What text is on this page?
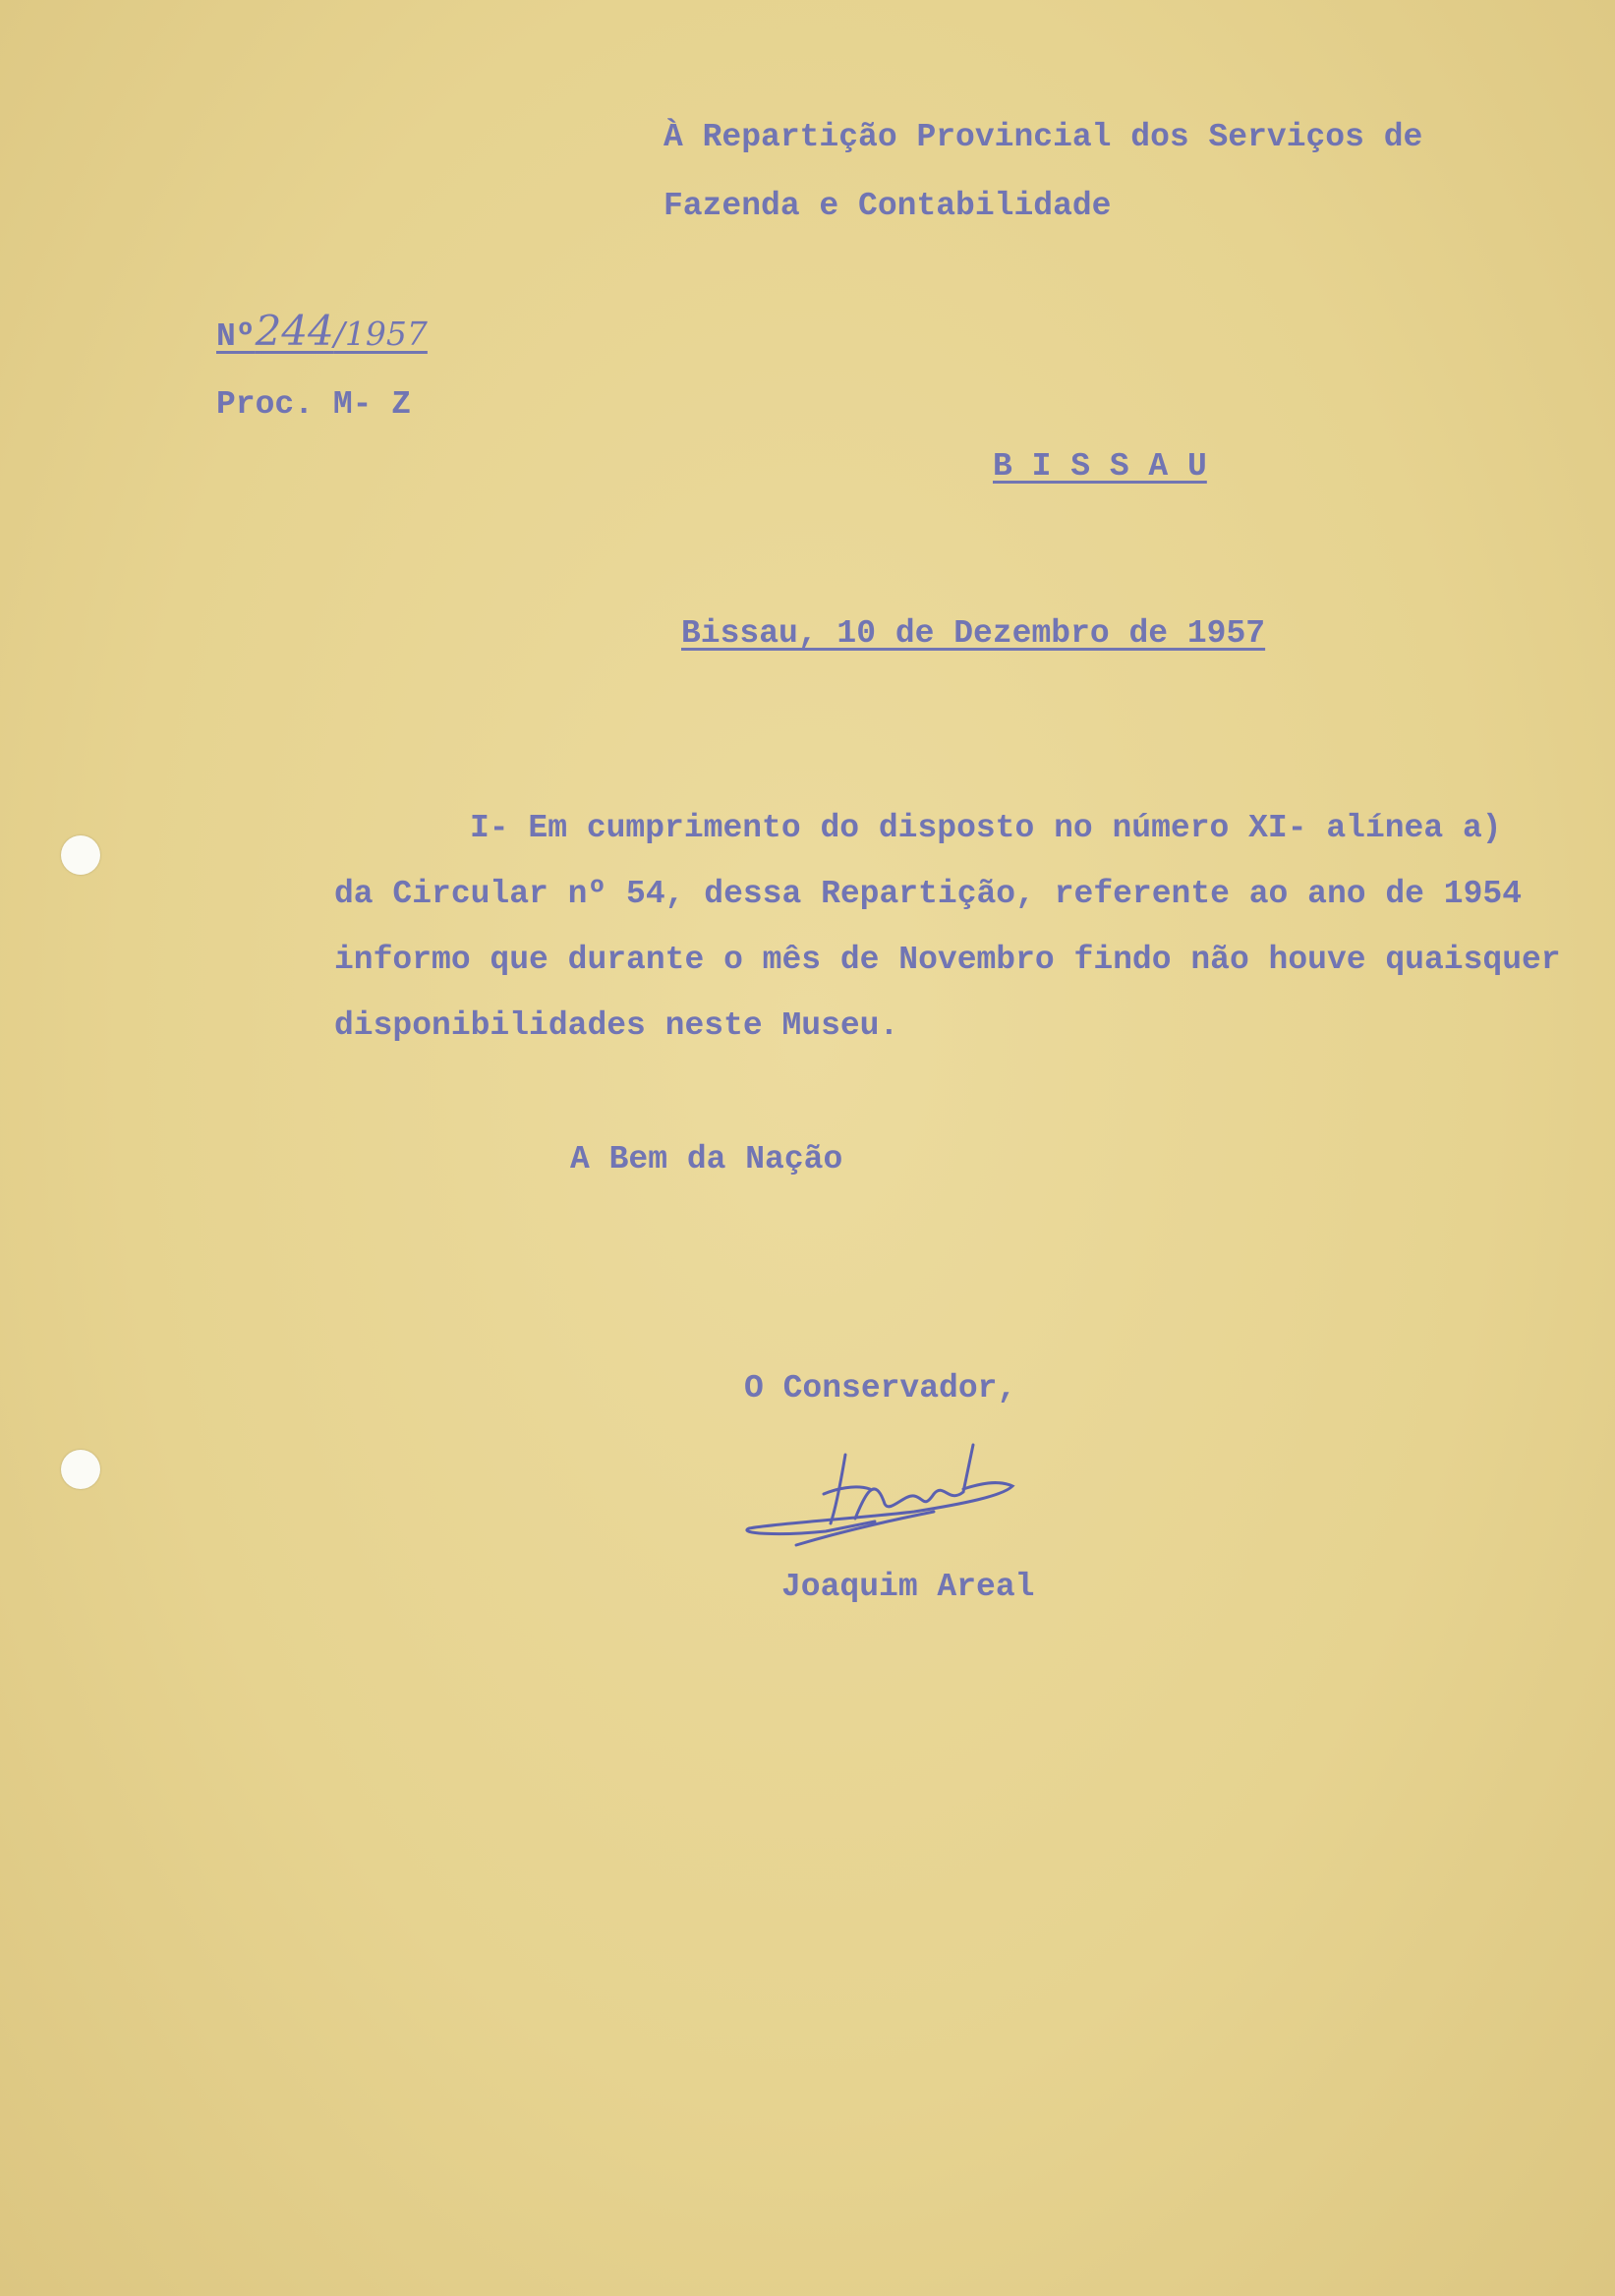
À Repartição Provincial dos Serviços de
Fazenda e Contabilidade
Nº244/1957
Proc. M- Z
B I S S A U
Bissau, 10 de Dezembro de 1957
I- Em cumprimento do disposto no número XI- alínea a)
da Circular nº 54, dessa Repartição, referente ao ano de 1954
informo que durante o mês de Novembro findo não houve quaisquer
disponibilidades neste Museu.
A Bem da Nação
O Conservador,
Joaquim Areal
